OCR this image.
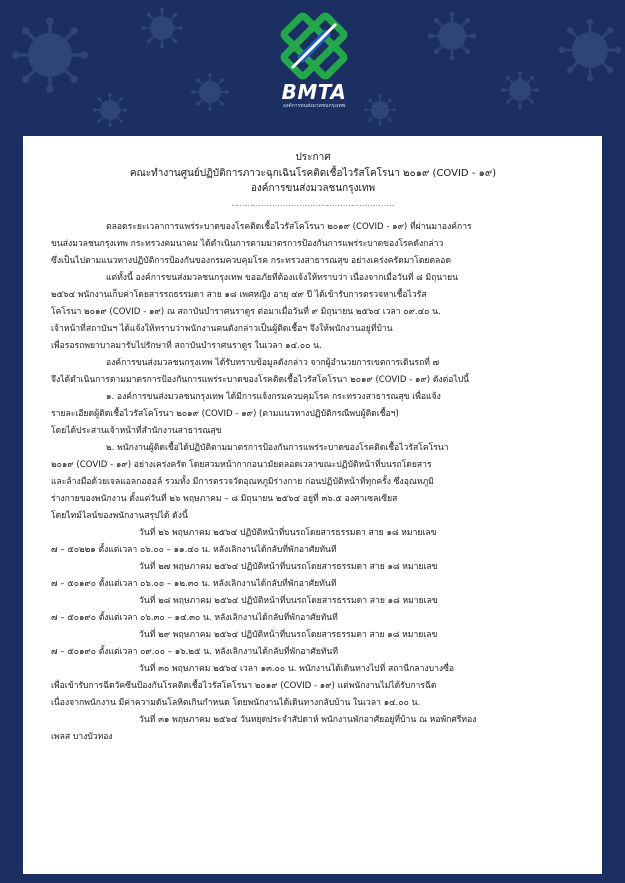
BMTA
องค์การขนส่งมวลชนกรุงเทพ
ประกาศ
คณะทำงานศูนย์ปฏิบัติการภาวะฉุกเฉินโรคติดเชื้อไวรัสโคโรนา ๒๐๑๙ (COVID - ๑๙)
องค์การขนส่งมวลชนกรุงเทพ
............................................................
ตลอดระยะเวลาการแพร่ระบาดของโรคติดเชื้อไวรัสโคโรนา ๒๐๑๙ (COVID - ๑๙) ที่ผ่านมาองค์การ
ขนส่งมวลชนกรุงเทพ กระทรวงคมนาคม ได้ดำเนินการตามมาตรการป้องกันการแพร่ระบาดของโรคดังกล่าว
ซึ่งเป็นไปตามแนวทางปฏิบัติการป้องกันของกรมควบคุมโรค กระทรวงสาธารณสุข อย่างเคร่งครัดมาโดยตลอด
แต่ทั้งนี้ องค์การขนส่งมวลชนกรุงเทพ ขออภัยที่ต้องแจ้งให้ทราบว่า เนื่องจากเมื่อวันที่ ๘ มิถุนายน
๒๕๖๔ พนักงานเก็บค่าโดยสารรถธรรมดา สาย ๑๘ เพศหญิง อายุ ๔๙ ปี ได้เข้ารับการตรวจหาเชื้อไวรัส
โคโรนา ๒๐๑๙ (COVID - ๑๙) ณ สถาบันบำราศนราดูร ต่อมาเมื่อวันที่ ๙ มิถุนายน ๒๕๖๔ เวลา ๐๙.๔๐ น.
เจ้าหน้าที่สถาบันฯ ได้แจ้งให้ทราบว่าพนักงานคนดังกล่าวเป็นผู้ติดเชื้อฯ จึงให้พนักงานอยู่ที่บ้าน
เพื่อรอรถพยาบาลมารับไปรักษาที่ สถาบันบำราศนราดูร ในเวลา ๑๔.๐๐ น.
องค์การขนส่งมวลชนกรุงเทพ ได้รับทราบข้อมูลดังกล่าว จากผู้อำนวยการเขตการเดินรถที่ ๗
จึงได้ดำเนินการตามมาตรการป้องกันการแพร่ระบาดของโรคติดเชื้อไวรัสโคโรนา ๒๐๑๙ (COVID - ๑๙) ดังต่อไปนี้
๑. องค์การขนส่งมวลชนกรุงเทพ ได้มีการแจ้งกรมควบคุมโรค กระทรวงสาธารณสุข เพื่อแจ้ง
รายละเอียดผู้ติดเชื้อไวรัสโคโรนา ๒๐๑๙ (COVID - ๑๙) (ตามแนวทางปฏิบัติกรณีพบผู้ติดเชื้อฯ)
โดยได้ประสานเจ้าหน้าที่สำนักงานสาธารณสุข
๒. พนักงานผู้ติดเชื้อได้ปฏิบัติตามมาตรการป้องกันการแพร่ระบาดของโรคติดเชื้อไวรัสโคโรนา
๒๐๑๙ (COVID - ๑๙) อย่างเคร่งครัด โดยสวมหน้ากากอนามัยตลอดเวลาขณะปฏิบัติหน้าที่บนรถโดยสาร
และล้างมือด้วยเจลแอลกอฮอล์ รวมทั้ง มีการตรวจวัดอุณหภูมิร่างกาย ก่อนปฏิบัติหน้าที่ทุกครั้ง ซึ่งอุณหภูมิ
ร่างกายของพนักงาน ตั้งแต่วันที่ ๒๖ พฤษภาคม – ๘ มิถุนายน ๒๕๖๔ อยู่ที่ ๓๖.๕ องศาเซลเซียส
โดยไทม์ไลน์ของพนักงานสรุปได้ ดังนี้
วันที่ ๒๖ พฤษภาคม ๒๕๖๔ ปฏิบัติหน้าที่บนรถโดยสารธรรมดา สาย ๑๘ หมายเลข
๗ – ๕๐๒๒๑ ตั้งแต่เวลา ๐๖.๐๐ – ๑๑.๔๐ น. หลังเลิกงานได้กลับที่พักอาศัยทันที
วันที่ ๒๗ พฤษภาคม ๒๕๖๔ ปฏิบัติหน้าที่บนรถโดยสารธรรมดา สาย ๑๘ หมายเลข
๗ – ๕๐๑๙๐ ตั้งแต่เวลา ๐๖.๐๐ – ๑๒.๓๐ น. หลังเลิกงานได้กลับที่พักอาศัยทันที
วันที่ ๒๘ พฤษภาคม ๒๕๖๔ ปฏิบัติหน้าที่บนรถโดยสารธรรมดา สาย ๑๘ หมายเลข
๗ – ๕๐๑๙๐ ตั้งแต่เวลา ๐๖.๓๐ – ๑๔.๓๐ น. หลังเลิกงานได้กลับที่พักอาศัยทันที
วันที่ ๒๙ พฤษภาคม ๒๕๖๔ ปฏิบัติหน้าที่บนรถโดยสารธรรมดา สาย ๑๘ หมายเลข
๗ – ๕๐๑๙๐ ตั้งแต่เวลา ๐๙.๐๐ – ๑๖.๒๕ น. หลังเลิกงานได้กลับที่พักอาศัยทันที
วันที่ ๓๐ พฤษภาคม ๒๕๖๔ เวลา ๑๓.๐๐ น. พนักงานได้เดินทางไปที่ สถานีกลางบางซื่อ
เพื่อเข้ารับการฉีดวัคซีนป้องกันโรคติดเชื้อไวรัสโคโรนา ๒๐๑๙ (COVID - ๑๙) แต่พนักงานไม่ได้รับการฉีด
เนื่องจากพนักงาน มีค่าความดันโลหิตเกินกำหนด โดยพนักงานได้เดินทางกลับบ้าน ในเวลา ๑๔.๐๐ น.
วันที่ ๓๑ พฤษภาคม ๒๕๖๔ วันหยุดประจำสัปดาห์ พนักงานพักอาศัยอยู่ที่บ้าน ณ หอพักศรีทอง
เพลส บางบัวทอง
